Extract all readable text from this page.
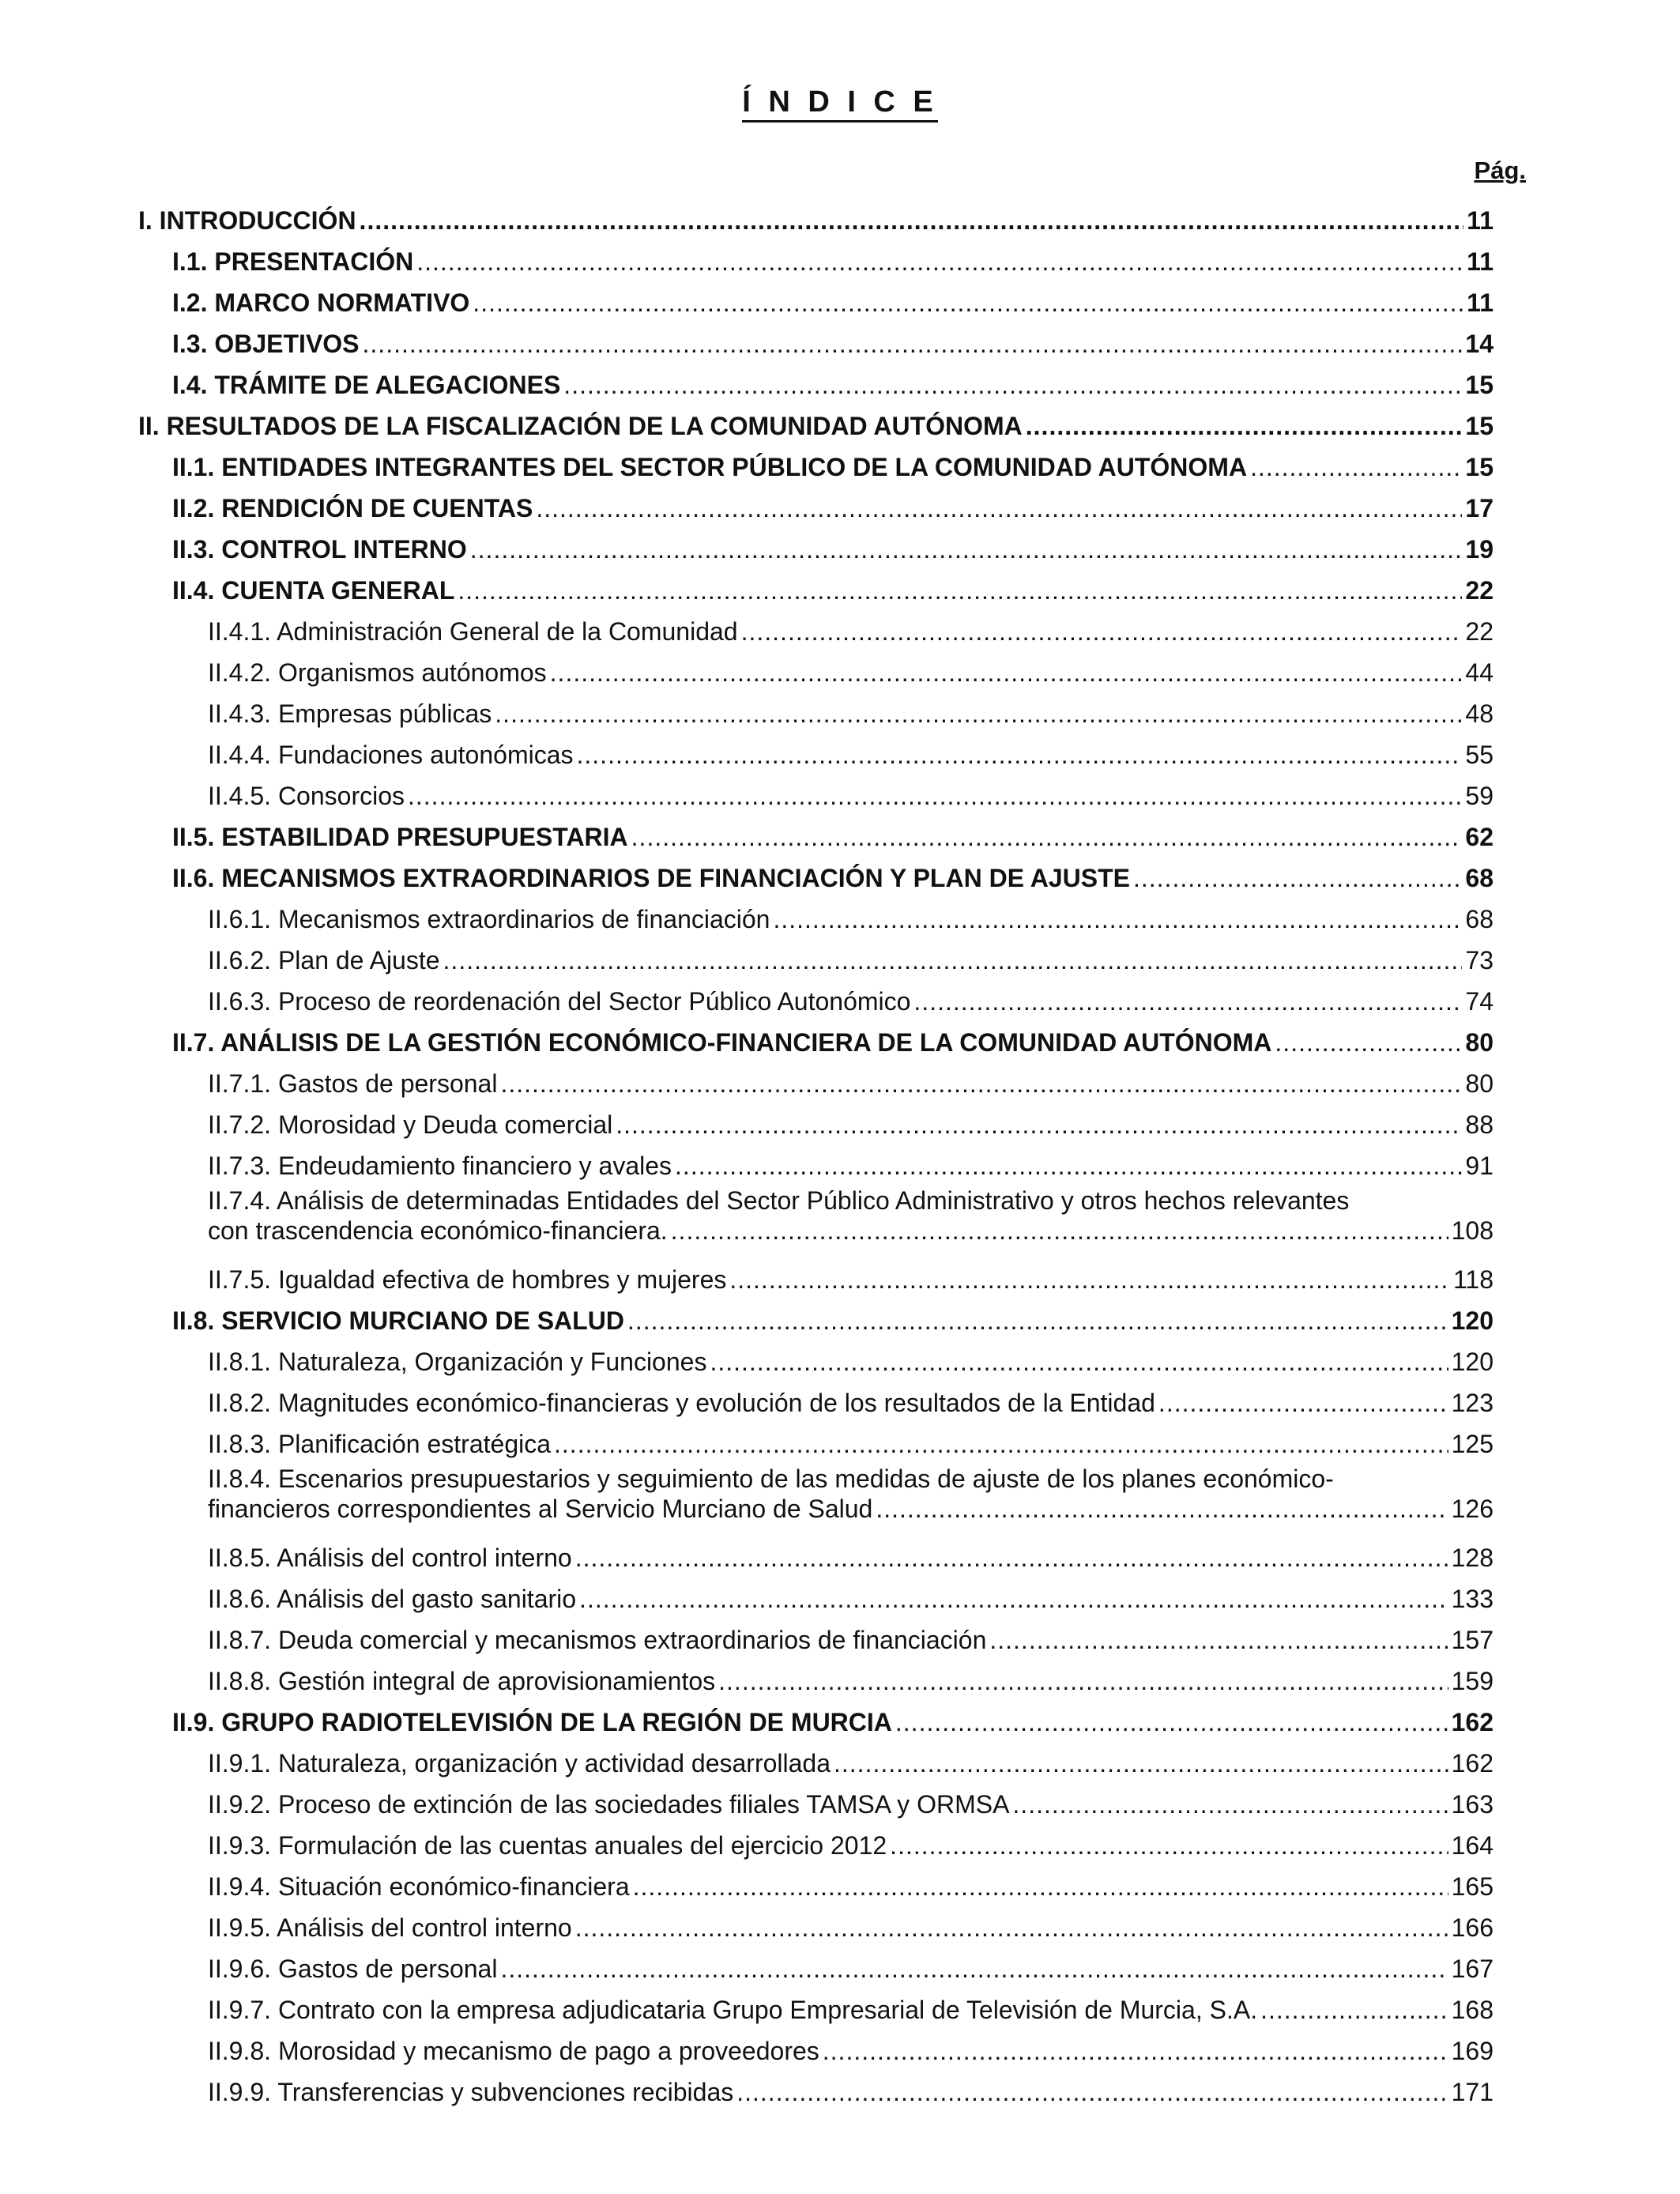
Í N D I C E
Pág.
I. INTRODUCCIÓN .....	11
I.1. PRESENTACIÓN .....	11
I.2. MARCO NORMATIVO .....	11
I.3. OBJETIVOS .....	14
I.4. TRÁMITE DE ALEGACIONES .....	15
II. RESULTADOS DE LA FISCALIZACIÓN DE LA COMUNIDAD AUTÓNOMA .....	15
II.1. ENTIDADES INTEGRANTES DEL SECTOR PÚBLICO DE LA COMUNIDAD AUTÓNOMA .....	15
II.2. RENDICIÓN DE CUENTAS .....	17
II.3. CONTROL INTERNO .....	19
II.4. CUENTA GENERAL .....	22
II.4.1. Administración General de la Comunidad .....	22
II.4.2. Organismos autónomos .....	44
II.4.3. Empresas públicas .....	48
II.4.4. Fundaciones autonómicas .....	55
II.4.5. Consorcios .....	59
II.5. ESTABILIDAD PRESUPUESTARIA .....	62
II.6. MECANISMOS EXTRAORDINARIOS DE FINANCIACIÓN Y PLAN DE AJUSTE .....	68
II.6.1. Mecanismos extraordinarios de financiación .....	68
II.6.2. Plan de Ajuste .....	73
II.6.3. Proceso de reordenación del Sector Público Autonómico .....	74
II.7. ANÁLISIS DE LA GESTIÓN ECONÓMICO-FINANCIERA DE LA COMUNIDAD AUTÓNOMA .....	80
II.7.1. Gastos de personal .....	80
II.7.2. Morosidad y Deuda comercial .....	88
II.7.3. Endeudamiento financiero y avales .....	91
II.7.4. Análisis de determinadas Entidades del Sector Público Administrativo y otros hechos relevantes
con trascendencia económico-financiera. .....	108
II.7.5. Igualdad efectiva de hombres y mujeres .....	118
II.8. SERVICIO MURCIANO DE SALUD .....	120
II.8.1. Naturaleza, Organización y Funciones .....	120
II.8.2. Magnitudes económico-financieras y evolución de los resultados de la Entidad .....	123
II.8.3. Planificación estratégica .....	125
II.8.4. Escenarios presupuestarios y seguimiento de las medidas de ajuste de los planes económico-
financieros correspondientes al Servicio Murciano de Salud .....	126
II.8.5. Análisis del control interno .....	128
II.8.6. Análisis del gasto sanitario .....	133
II.8.7. Deuda comercial y mecanismos extraordinarios de financiación .....	157
II.8.8. Gestión integral de aprovisionamientos .....	159
II.9. GRUPO RADIOTELEVISIÓN DE LA REGIÓN DE MURCIA .....	162
II.9.1. Naturaleza, organización y actividad desarrollada .....	162
II.9.2. Proceso de extinción de las sociedades filiales TAMSA y ORMSA .....	163
II.9.3. Formulación de las cuentas anuales del ejercicio 2012 .....	164
II.9.4. Situación económico-financiera .....	165
II.9.5. Análisis del control interno .....	166
II.9.6. Gastos de personal .....	167
II.9.7. Contrato con la empresa adjudicataria Grupo Empresarial de Televisión de Murcia, S.A. .....	168
II.9.8. Morosidad y mecanismo de pago a proveedores .....	169
II.9.9. Transferencias y subvenciones recibidas .....	171
